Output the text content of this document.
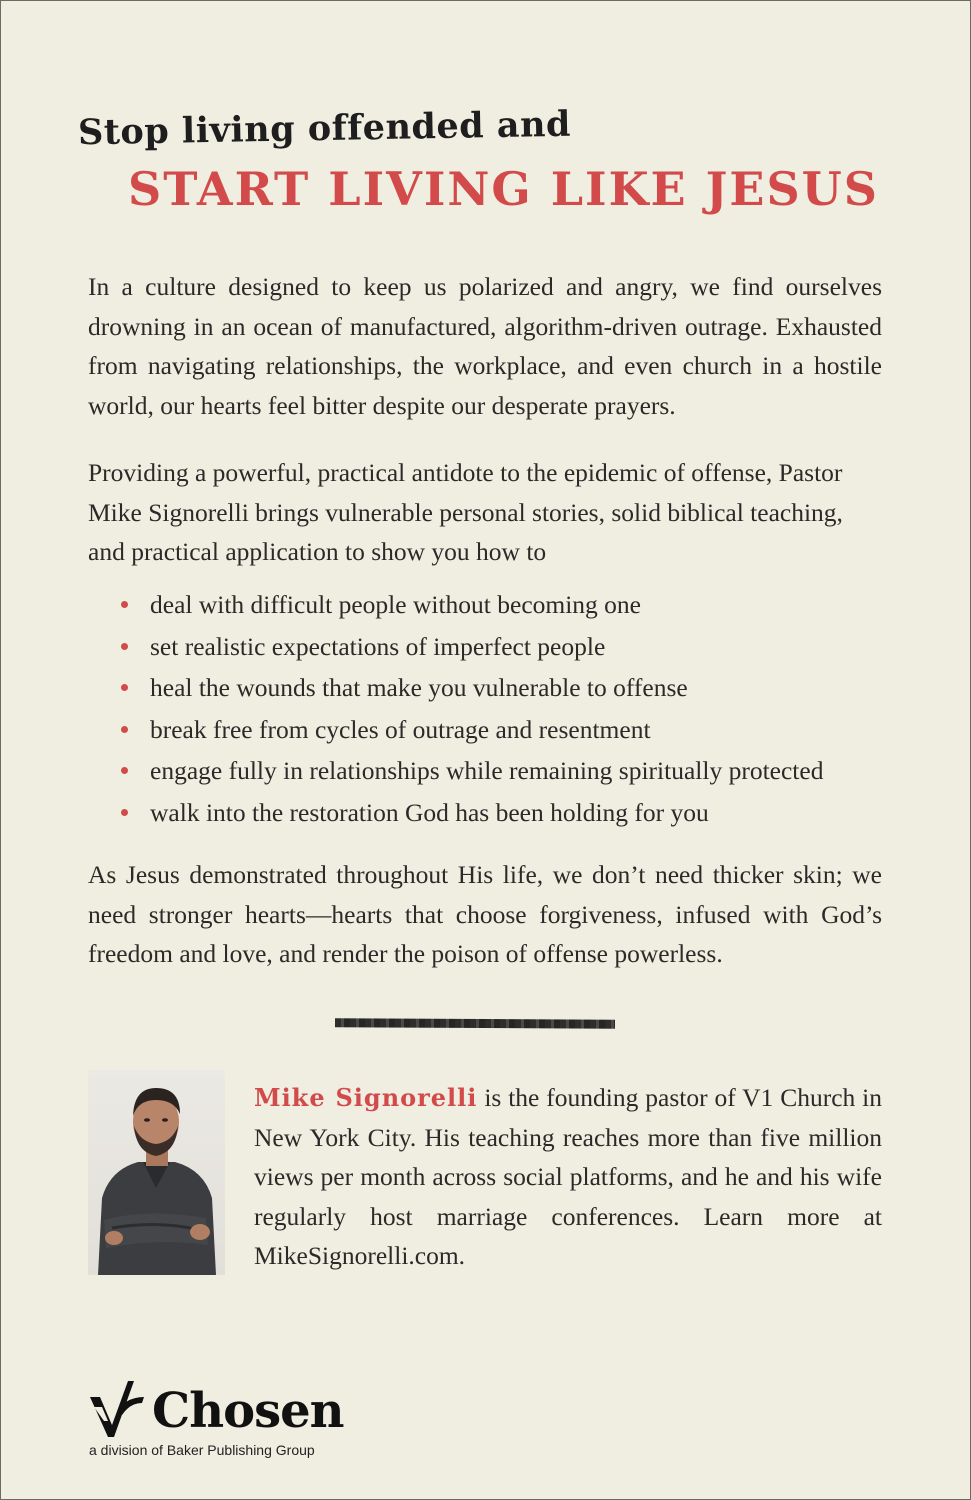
Stop living offended and
START LIVING LIKE JESUS

In a culture designed to keep us polarized and angry, we find ourselves drowning in an ocean of manufactured, algorithm-driven outrage. Exhausted from navigating relationships, the workplace, and even church in a hostile world, our hearts feel bitter despite our desperate prayers.

Providing a powerful, practical antidote to the epidemic of offense, Pastor Mike Signorelli brings vulnerable personal stories, solid biblical teaching, and practical application to show you how to

deal with difficult people without becoming one
set realistic expectations of imperfect people
heal the wounds that make you vulnerable to offense
break free from cycles of outrage and resentment
engage fully in relationships while remaining spiritually protected
walk into the restoration God has been holding for you

As Jesus demonstrated throughout His life, we don’t need thicker skin; we need stronger hearts—hearts that choose forgiveness, infused with God’s freedom and love, and render the poison of offense powerless.

Mike Signorelli is the founding pastor of V1 Church in New York City. His teaching reaches more than five million views per month across social platforms, and he and his wife regularly host marriage conferences. Learn more at MikeSignorelli.com.

Chosen
a division of Baker Publishing Group
